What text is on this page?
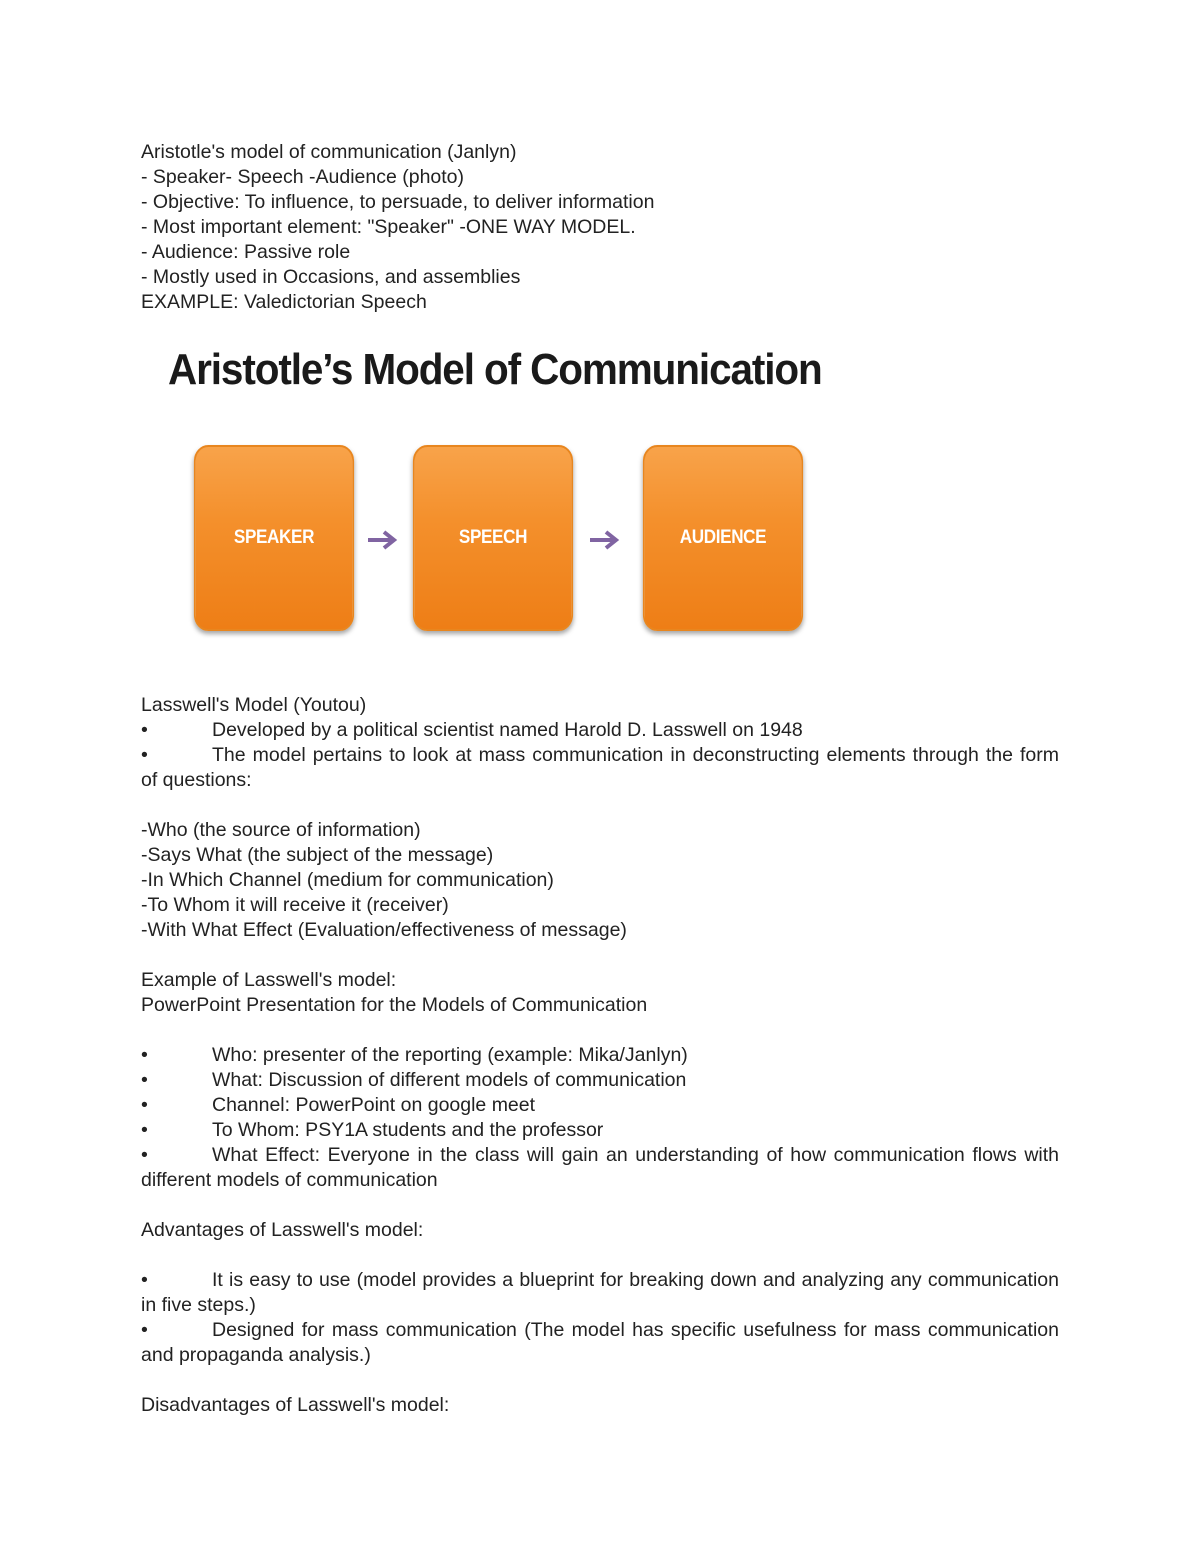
Aristotle's model of communication (Janlyn)
- Speaker- Speech -Audience (photo)
- Objective: To influence, to persuade, to deliver information
- Most important element: "Speaker" -ONE WAY MODEL.
- Audience: Passive role
- Mostly used in Occasions, and assemblies
EXAMPLE: Valedictorian Speech
Lasswell's Model (Youtou)
•	Developed by a political scientist named Harold D. Lasswell on 1948
•	The model pertains to look at mass communication in deconstructing elements through the form of questions:
-Who (the source of information)
-Says What (the subject of the message)
-In Which Channel (medium for communication)
-To Whom it will receive it (receiver)
-With What Effect (Evaluation/effectiveness of message)
Example of Lasswell's model:
PowerPoint Presentation for the Models of Communication
•	Who: presenter of the reporting (example: Mika/Janlyn)
•	What: Discussion of different models of communication
•	Channel: PowerPoint on google meet
•	To Whom: PSY1A students and the professor
•	What Effect: Everyone in the class will gain an understanding of how communication flows with different models of communication
Advantages of Lasswell's model:
•	It is easy to use (model provides a blueprint for breaking down and analyzing any communication in five steps.)
•	Designed for mass communication (The model has specific usefulness for mass communication and propaganda analysis.)
Disadvantages of Lasswell's model:
Aristotle’s Model of Communication
SPEAKER	SPEECH	AUDIENCE
